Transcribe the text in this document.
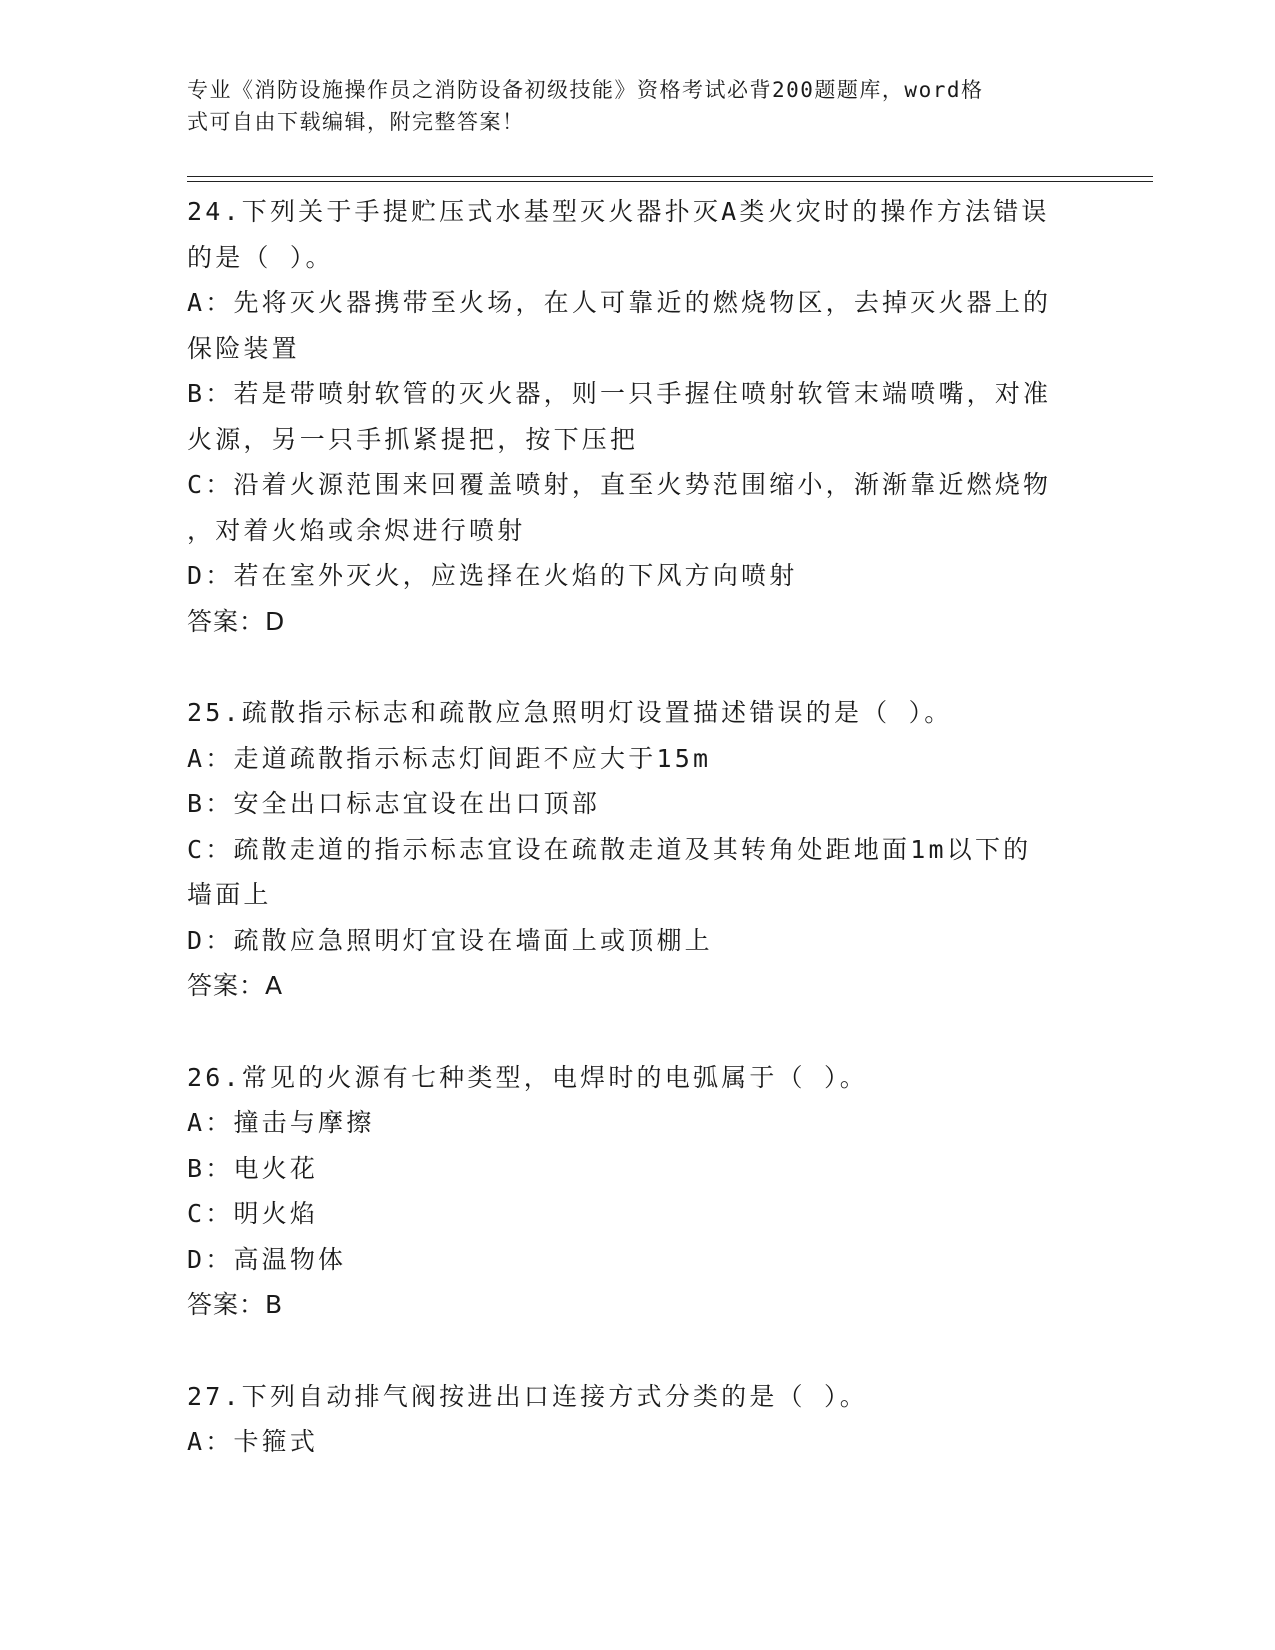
专业《消防设施操作员之消防设备初级技能》资格考试必背200题题库，word格
式可自由下载编辑，附完整答案！
24.下列关于手提贮压式水基型灭火器扑灭A类火灾时的操作方法错误
的是（ ）。
A：先将灭火器携带至火场，在人可靠近的燃烧物区，去掉灭火器上的
保险装置
B：若是带喷射软管的灭火器，则一只手握住喷射软管末端喷嘴，对准
火源，另一只手抓紧提把，按下压把
C：沿着火源范围来回覆盖喷射，直至火势范围缩小，渐渐靠近燃烧物
，对着火焰或余烬进行喷射
D：若在室外灭火，应选择在火焰的下风方向喷射
答案：D
25.疏散指示标志和疏散应急照明灯设置描述错误的是（ ）。
A：走道疏散指示标志灯间距不应大于15m
B：安全出口标志宜设在出口顶部
C：疏散走道的指示标志宜设在疏散走道及其转角处距地面1m以下的
墙面上
D：疏散应急照明灯宜设在墙面上或顶棚上
答案：A
26.常见的火源有七种类型，电焊时的电弧属于（ ）。
A：撞击与摩擦
B：电火花
C：明火焰
D：高温物体
答案：B
27.下列自动排气阀按进出口连接方式分类的是（ ）。
A：卡箍式
